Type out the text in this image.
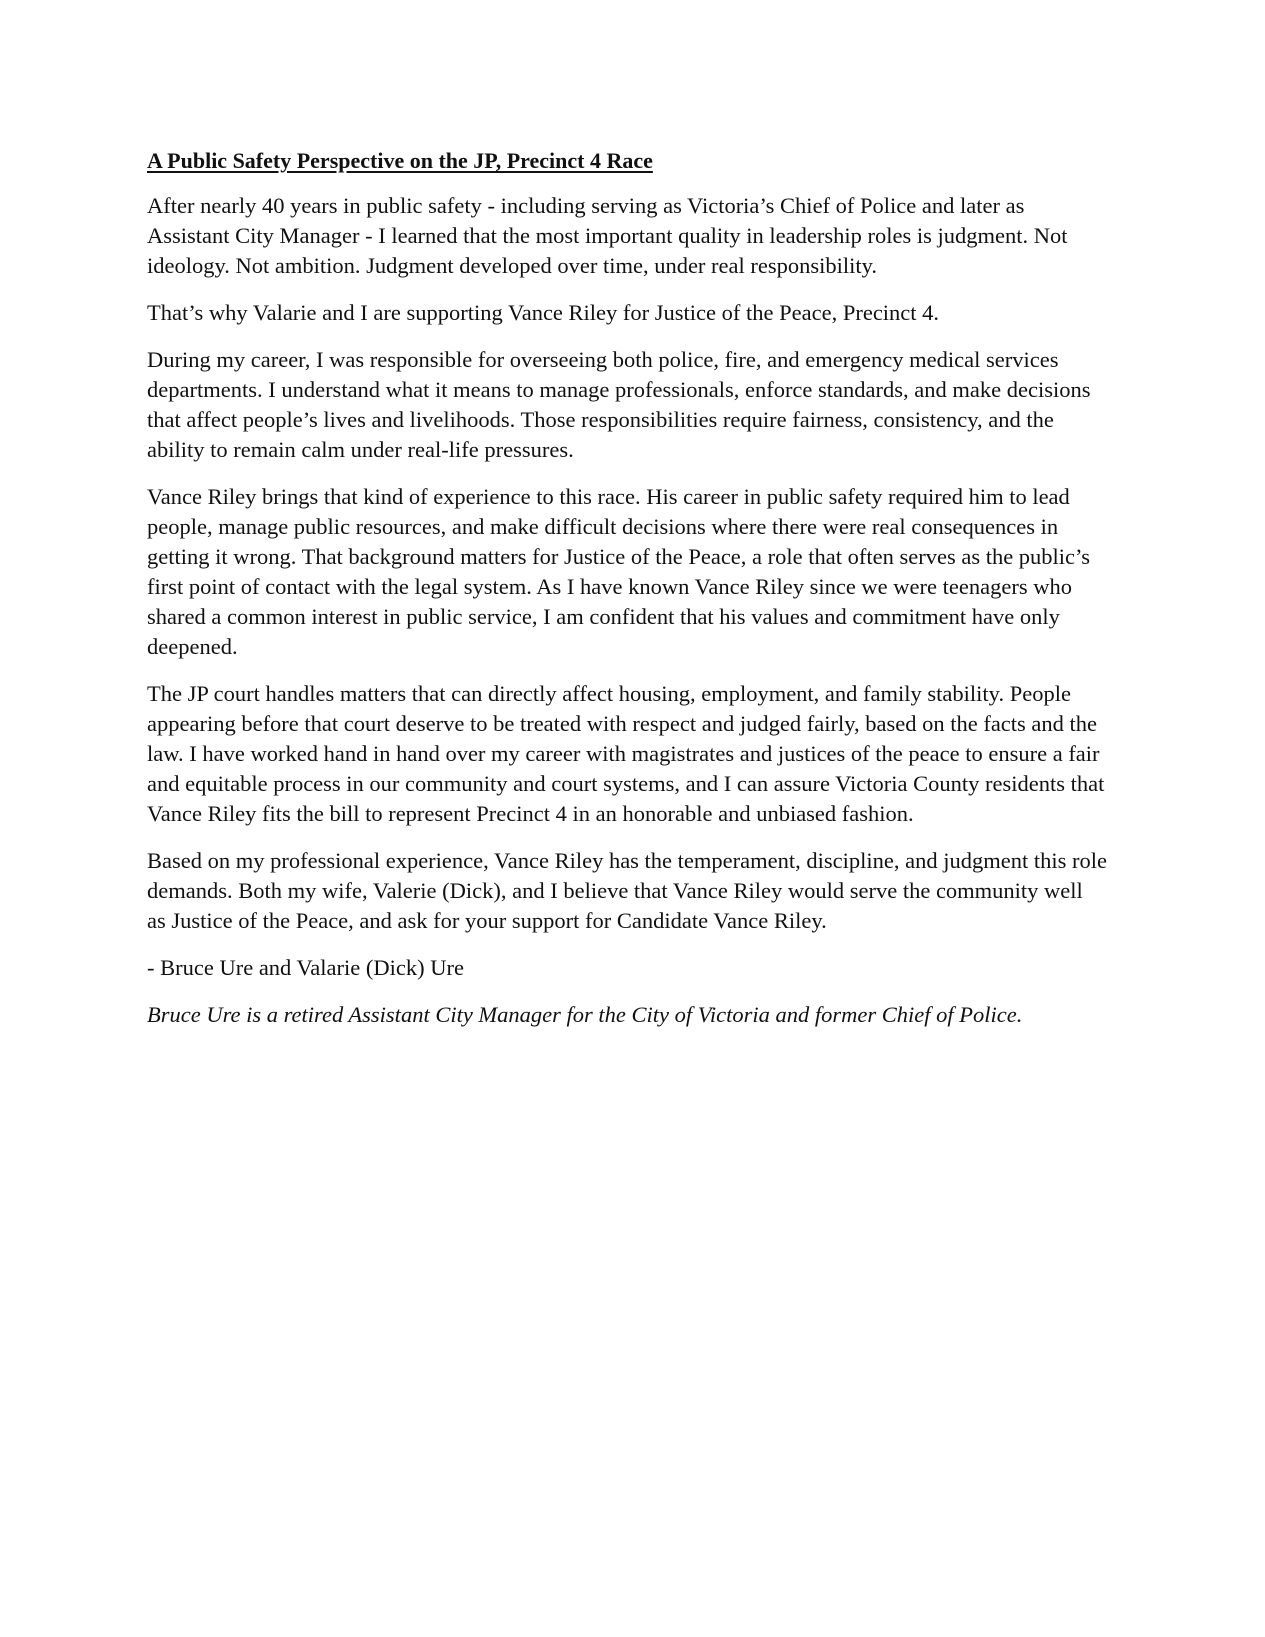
A Public Safety Perspective on the JP, Precinct 4 Race

After nearly 40 years in public safety - including serving as Victoria’s Chief of Police and later as Assistant City Manager - I learned that the most important quality in leadership roles is judgment. Not ideology. Not ambition. Judgment developed over time, under real responsibility.

That’s why Valarie and I are supporting Vance Riley for Justice of the Peace, Precinct 4.

During my career, I was responsible for overseeing both police, fire, and emergency medical services departments. I understand what it means to manage professionals, enforce standards, and make decisions that affect people’s lives and livelihoods. Those responsibilities require fairness, consistency, and the ability to remain calm under real-life pressures.

Vance Riley brings that kind of experience to this race. His career in public safety required him to lead people, manage public resources, and make difficult decisions where there were real consequences in getting it wrong. That background matters for Justice of the Peace, a role that often serves as the public’s first point of contact with the legal system. As I have known Vance Riley since we were teenagers who shared a common interest in public service, I am confident that his values and commitment have only deepened.

The JP court handles matters that can directly affect housing, employment, and family stability. People appearing before that court deserve to be treated with respect and judged fairly, based on the facts and the law. I have worked hand in hand over my career with magistrates and justices of the peace to ensure a fair and equitable process in our community and court systems, and I can assure Victoria County residents that Vance Riley fits the bill to represent Precinct 4 in an honorable and unbiased fashion.

Based on my professional experience, Vance Riley has the temperament, discipline, and judgment this role demands. Both my wife, Valerie (Dick), and I believe that Vance Riley would serve the community well as Justice of the Peace, and ask for your support for Candidate Vance Riley.

- Bruce Ure and Valarie (Dick) Ure

Bruce Ure is a retired Assistant City Manager for the City of Victoria and former Chief of Police.
